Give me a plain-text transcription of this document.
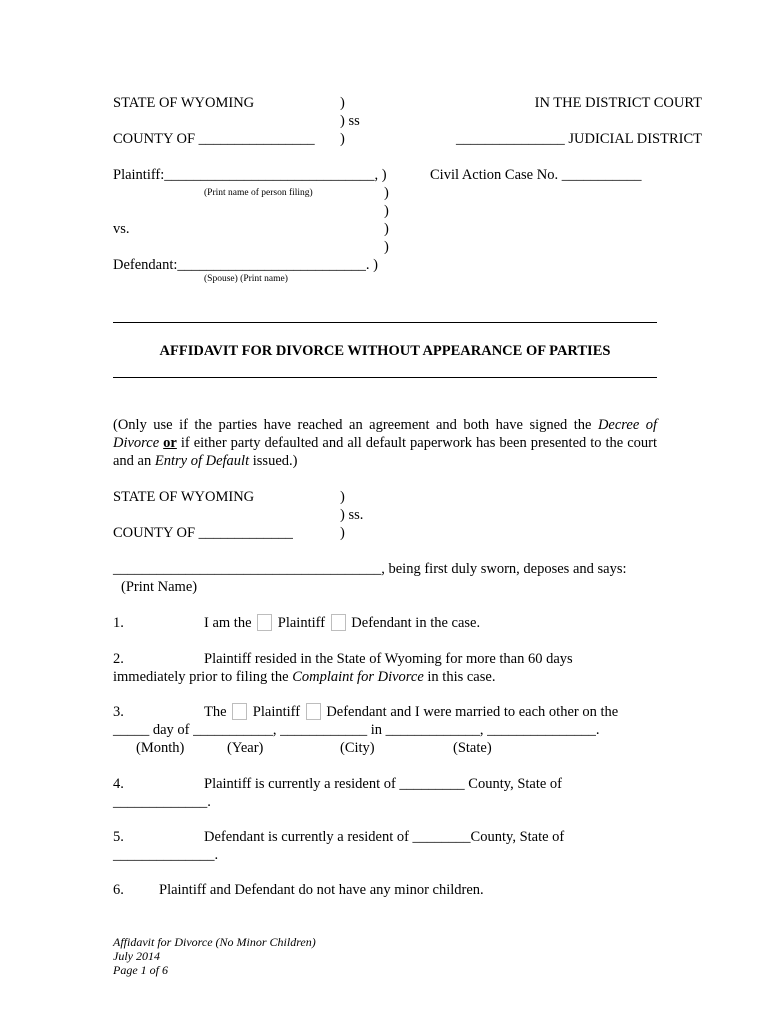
STATE OF WYOMING	)
) ss
COUNTY OF ________________ )
IN THE DISTRICT COURT
_______________ JUDICIAL DISTRICT
Plaintiff:_____________________________, )
(Print name of person filing)	)
)
vs.	)
)
Defendant:__________________________. )
(Spouse) (Print name)
Civil Action Case No. ___________
AFFIDAVIT FOR DIVORCE WITHOUT APPEARANCE OF PARTIES
(Only use if the parties have reached an agreement and both have signed the Decree of Divorce or if either party defaulted and all default paperwork has been presented to the court and an Entry of Default issued.)
STATE OF WYOMING	)
) ss.
COUNTY OF _____________	)
_____________________________________, being first duly sworn, deposes and says:
(Print Name)
1.	I am the Plaintiff Defendant in the case.
2.	Plaintiff resided in the State of Wyoming for more than 60 days
immediately prior to filing the Complaint for Divorce in this case.
3.	The Plaintiff Defendant and I were married to each other on the
_____ day of ___________, ____________ in _____________, _______________.
(Month)	(Year)	(City)	(State)
4.	Plaintiff is currently a resident of _________ County, State of
_____________.
5.	Defendant is currently a resident of ________County, State of
______________.
6. Plaintiff and Defendant do not have any minor children.
Affidavit for Divorce (No Minor Children)
July 2014
Page 1 of 6
